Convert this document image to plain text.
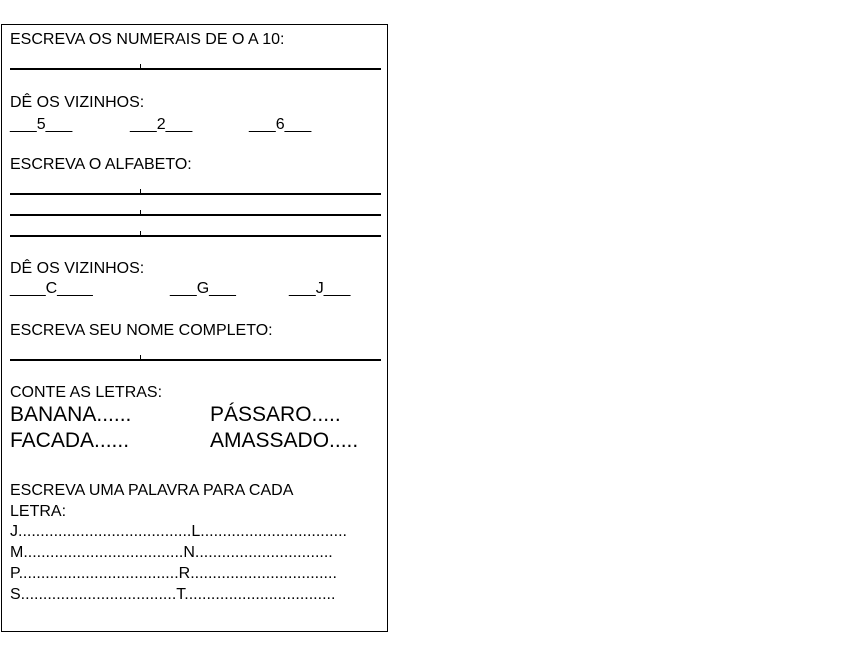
ESCREVA OS NUMERAIS DE O A 10:
DÊ OS VIZINHOS:
___5___	___2___	___6___
ESCREVA O ALFABETO:
DÊ OS VIZINHOS:
____C____	___G___	___J___
ESCREVA SEU NOME COMPLETO:
CONTE AS LETRAS:
BANANA......	PÁSSARO.....
FACADA......	AMASSADO.....
ESCREVA UMA PALAVRA PARA CADA
LETRA:
J.......................................L.................................
M....................................N...............................
P....................................R.................................
S...................................T..................................
